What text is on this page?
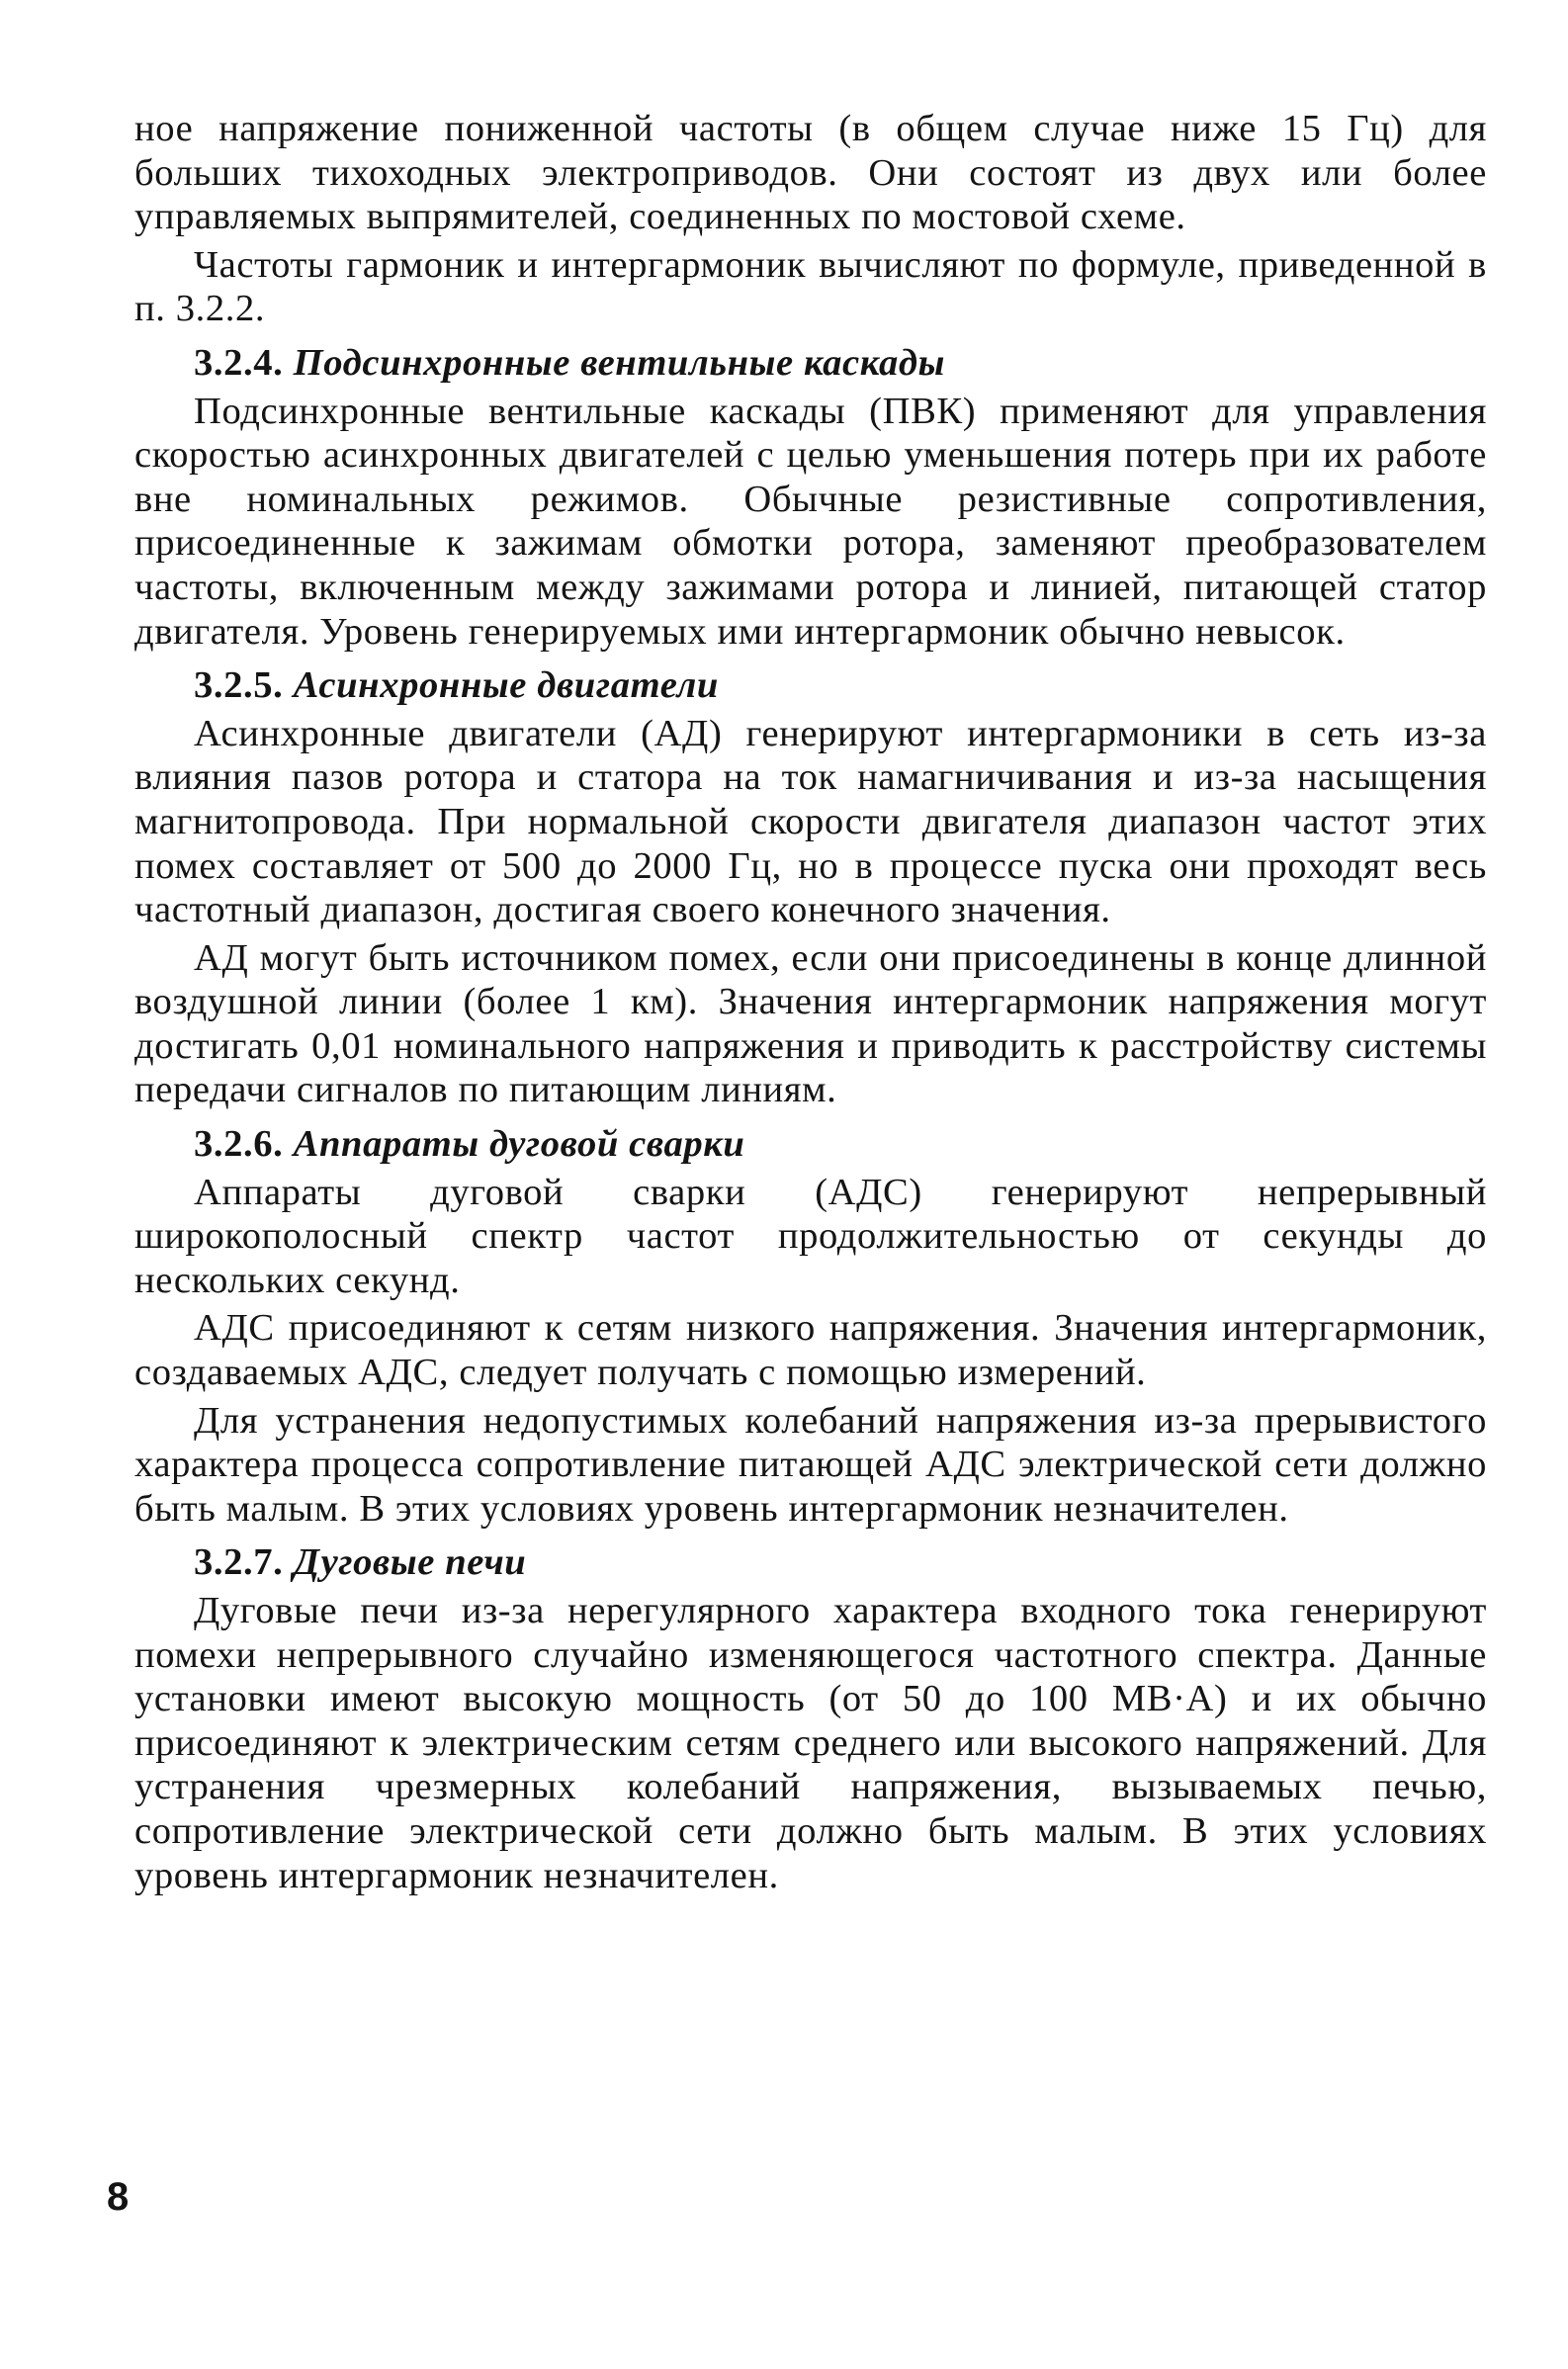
ное напряжение пониженной частоты (в общем случае ниже 15 Гц) для больших тихоходных электроприводов. Они состоят из двух или более управляемых выпрямителей, соединенных по мостовой схеме.

Частоты гармоник и интергармоник вычисляют по формуле, приведенной в п. 3.2.2.

3.2.4. Подсинхронные вентильные каскады

Подсинхронные вентильные каскады (ПВК) применяют для управления скоростью асинхронных двигателей с целью уменьшения потерь при их работе вне номинальных режимов. Обычные резистивные сопротивления, присоединенные к зажимам обмотки ротора, заменяют преобразователем частоты, включенным между зажимами ротора и линией, питающей статор двигателя. Уровень генерируемых ими интергармоник обычно невысок.

3.2.5. Асинхронные двигатели

Асинхронные двигатели (АД) генерируют интергармоники в сеть из-за влияния пазов ротора и статора на ток намагничивания и из-за насыщения магнитопровода. При нормальной скорости двигателя диапазон частот этих помех составляет от 500 до 2000 Гц, но в процессе пуска они проходят весь частотный диапазон, достигая своего конечного значения.

АД могут быть источником помех, если они присоединены в конце длинной воздушной линии (более 1 км). Значения интергармоник напряжения могут достигать 0,01 номинального напряжения и приводить к расстройству системы передачи сигналов по питающим линиям.

3.2.6. Аппараты дуговой сварки

Аппараты дуговой сварки (АДС) генерируют непрерывный широкополосный спектр частот продолжительностью от секунды до нескольких секунд.

АДС присоединяют к сетям низкого напряжения. Значения интергармоник, создаваемых АДС, следует получать с помощью измерений.

Для устранения недопустимых колебаний напряжения из-за прерывистого характера процесса сопротивление питающей АДС электрической сети должно быть малым. В этих условиях уровень интергармоник незначителен.

3.2.7. Дуговые печи

Дуговые печи из-за нерегулярного характера входного тока генерируют помехи непрерывного случайно изменяющегося частотного спектра. Данные установки имеют высокую мощность (от 50 до 100 МВ·А) и их обычно присоединяют к электрическим сетям среднего или высокого напряжений. Для устранения чрезмерных колебаний напряжения, вызываемых печью, сопротивление электрической сети должно быть малым. В этих условиях уровень интергармоник незначителен.

8
